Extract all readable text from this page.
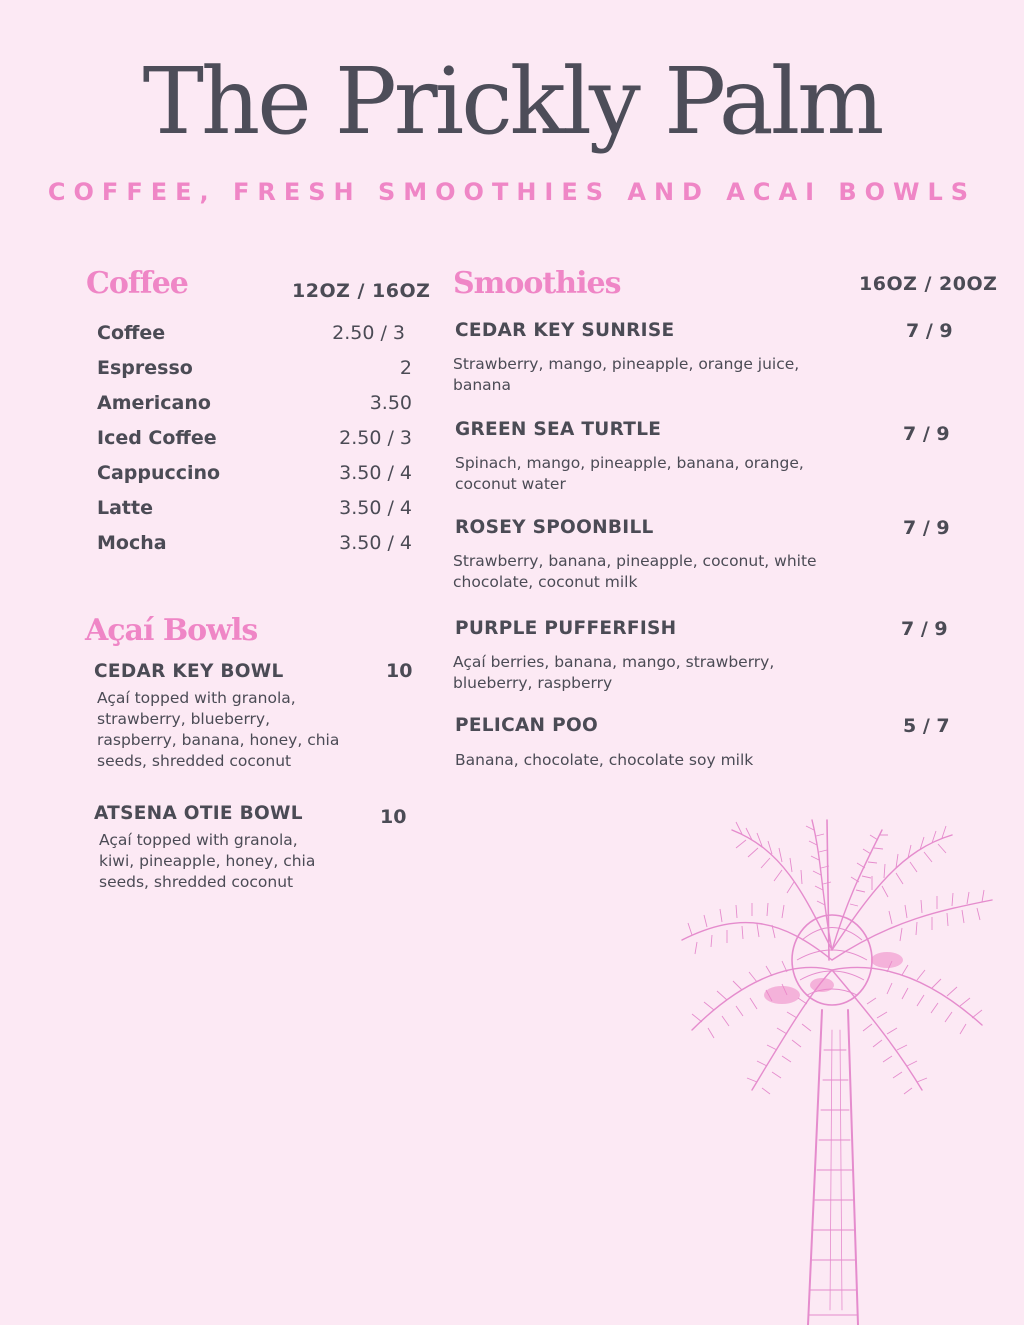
The Prickly Palm
COFFEE, FRESH SMOOTHIES AND ACAI BOWLS
Coffee	12OZ / 16OZ
Coffee	2.50 / 3
Espresso	2
Americano	3.50
Iced Coffee	2.50 / 3
Cappuccino	3.50 / 4
Latte	3.50 / 4
Mocha	3.50 / 4
Açaí Bowls
CEDAR KEY BOWL	10
Açaí topped with granola, strawberry, blueberry, raspberry, banana, honey, chia seeds, shredded coconut
ATSENA OTIE BOWL	10
Açaí topped with granola, kiwi, pineapple, honey, chia seeds, shredded coconut
Smoothies	16OZ / 20OZ
CEDAR KEY SUNRISE	7 / 9
Strawberry, mango, pineapple, orange juice, banana
GREEN SEA TURTLE	7 / 9
Spinach, mango, pineapple, banana, orange, coconut water
ROSEY SPOONBILL	7 / 9
Strawberry, banana, pineapple, coconut, white chocolate, coconut milk
PURPLE PUFFERFISH	7 / 9
Açaí berries, banana, mango, strawberry, blueberry, raspberry
PELICAN POO	5 / 7
Banana, chocolate, chocolate soy milk
